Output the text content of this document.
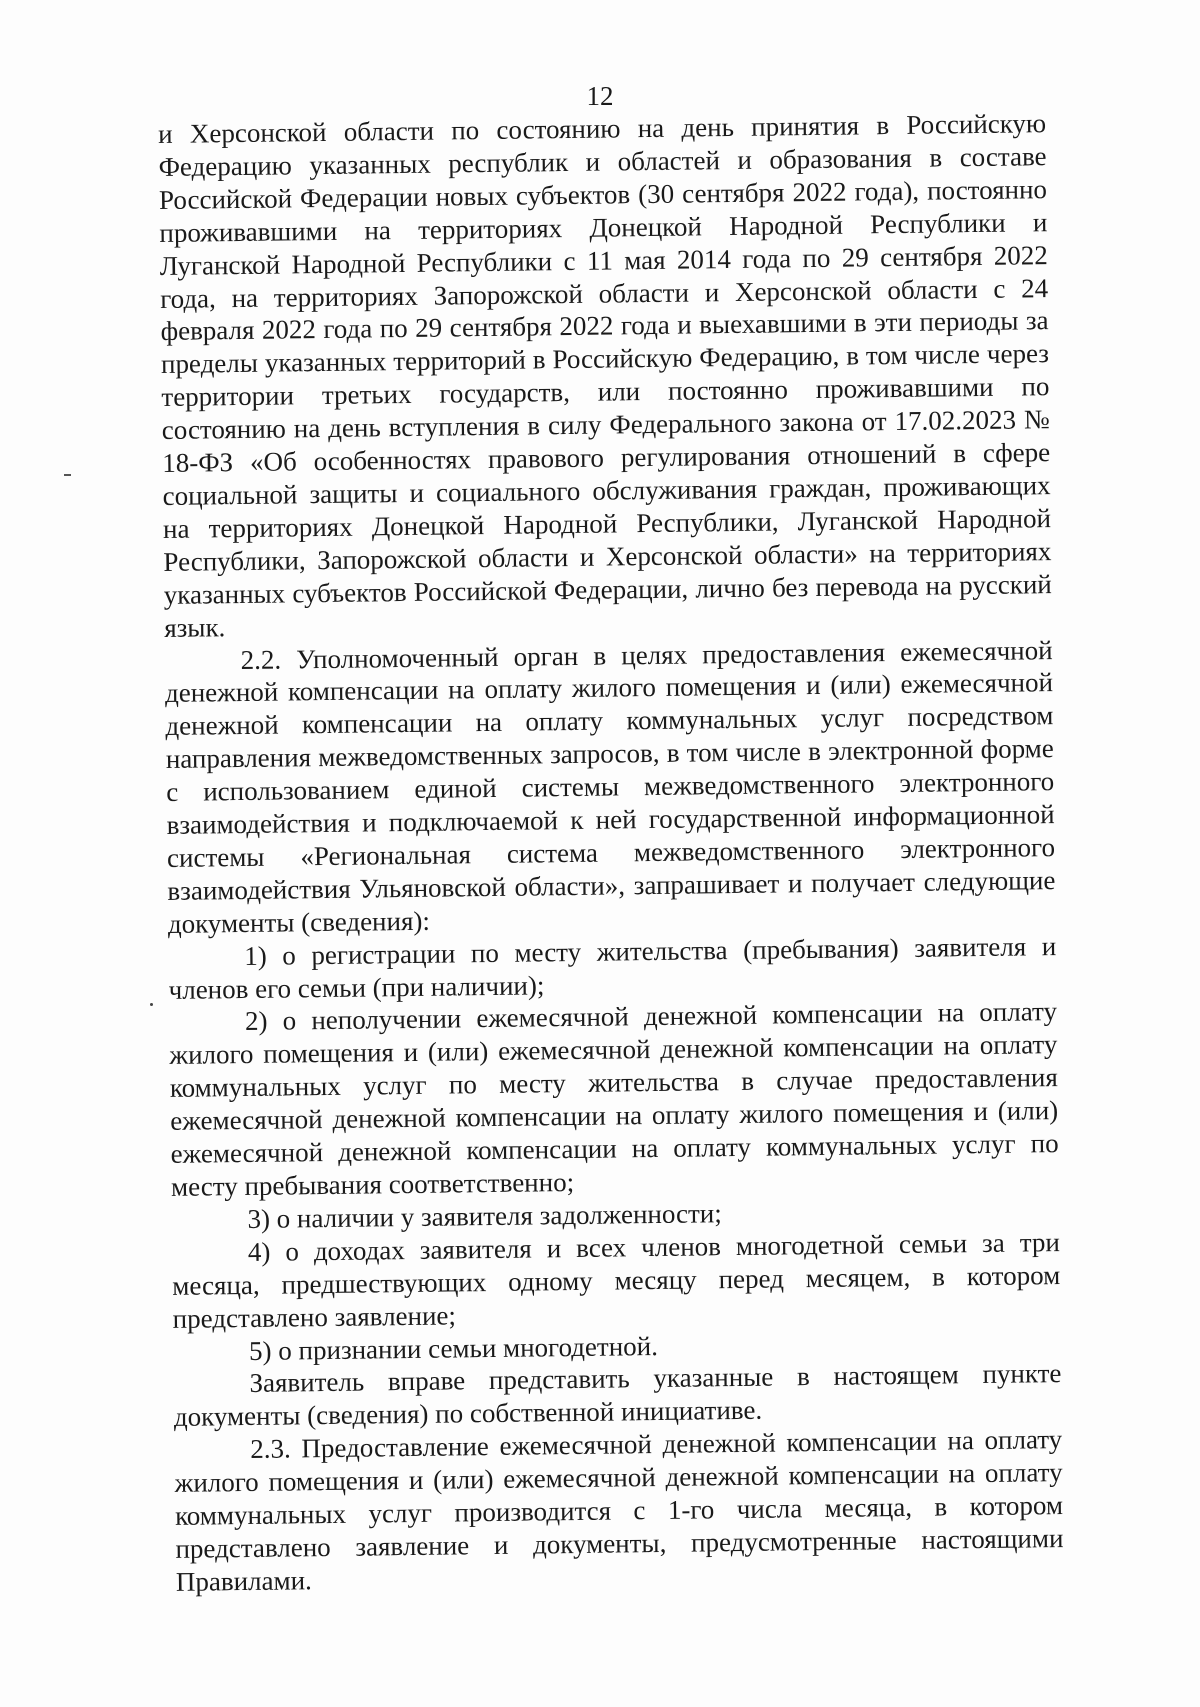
12

и Херсонской области по состоянию на день принятия в Российскую Федерацию указанных республик и областей и образования в составе Российской Федерации новых субъектов (30 сентября 2022 года), постоянно проживавшими на территориях Донецкой Народной Республики и Луганской Народной Республики с 11 мая 2014 года по 29 сентября 2022 года, на территориях Запорожской области и Херсонской области с 24 февраля 2022 года по 29 сентября 2022 года и выехавшими в эти периоды за пределы указанных территорий в Российскую Федерацию, в том числе через территории третьих государств, или постоянно проживавшими по состоянию на день вступления в силу Федерального закона от 17.02.2023 № 18-ФЗ «Об особенностях правового регулирования отношений в сфере социальной защиты и социального обслуживания граждан, проживающих на территориях Донецкой Народной Республики, Луганской Народной Республики, Запорожской области и Херсонской области» на территориях указанных субъектов Российской Федерации, лично без перевода на русский язык.

2.2. Уполномоченный орган в целях предоставления ежемесячной денежной компенсации на оплату жилого помещения и (или) ежемесячной денежной компенсации на оплату коммунальных услуг посредством направления межведомственных запросов, в том числе в электронной форме с использованием единой системы межведомственного электронного взаимодействия и подключаемой к ней государственной информационной системы «Региональная система межведомственного электронного взаимодействия Ульяновской области», запрашивает и получает следующие документы (сведения):

1) о регистрации по месту жительства (пребывания) заявителя и членов его семьи (при наличии);

2) о неполучении ежемесячной денежной компенсации на оплату жилого помещения и (или) ежемесячной денежной компенсации на оплату коммунальных услуг по месту жительства в случае предоставления ежемесячной денежной компенсации на оплату жилого помещения и (или) ежемесячной денежной компенсации на оплату коммунальных услуг по месту пребывания соответственно;

3) о наличии у заявителя задолженности;

4) о доходах заявителя и всех членов многодетной семьи за три месяца, предшествующих одному месяцу перед месяцем, в котором представлено заявление;

5) о признании семьи многодетной.

Заявитель вправе представить указанные в настоящем пункте документы (сведения) по собственной инициативе.

2.3. Предоставление ежемесячной денежной компенсации на оплату жилого помещения и (или) ежемесячной денежной компенсации на оплату коммунальных услуг производится с 1-го числа месяца, в котором представлено заявление и документы, предусмотренные настоящими Правилами.
